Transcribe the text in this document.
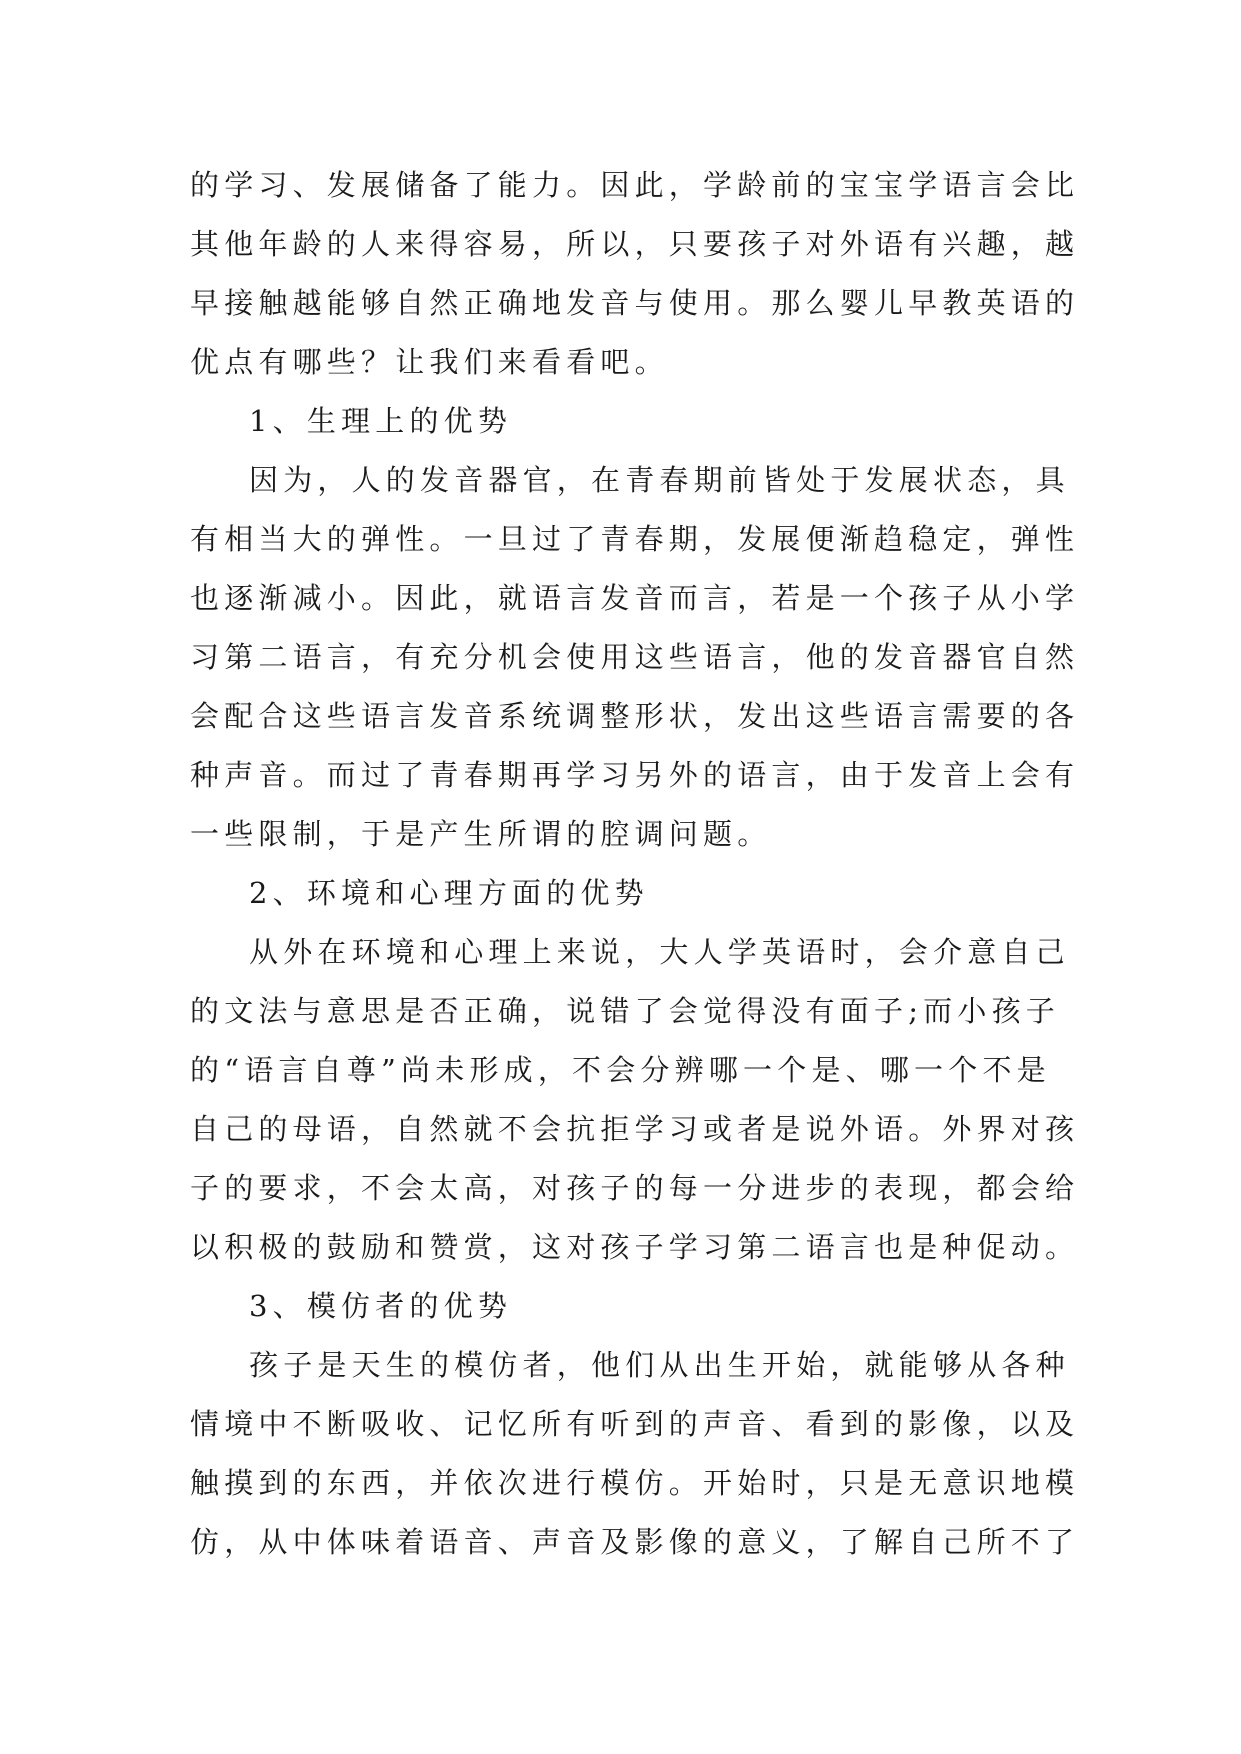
的学习、发展储备了能力。因此，学龄前的宝宝学语言会比

其他年龄的人来得容易，所以，只要孩子对外语有兴趣，越

早接触越能够自然正确地发音与使用。那么婴儿早教英语的

优点有哪些？让我们来看看吧。

1、生理上的优势

因为，人的发音器官，在青春期前皆处于发展状态，具

有相当大的弹性。一旦过了青春期，发展便渐趋稳定，弹性

也逐渐减小。因此，就语言发音而言，若是一个孩子从小学

习第二语言，有充分机会使用这些语言，他的发音器官自然

会配合这些语言发音系统调整形状，发出这些语言需要的各

种声音。而过了青春期再学习另外的语言，由于发音上会有

一些限制，于是产生所谓的腔调问题。

2、环境和心理方面的优势

从外在环境和心理上来说，大人学英语时，会介意自己

的文法与意思是否正确，说错了会觉得没有面子;而小孩子

的“语言自尊”尚未形成，不会分辨哪一个是、哪一个不是

自己的母语，自然就不会抗拒学习或者是说外语。外界对孩

子的要求，不会太高，对孩子的每一分进步的表现，都会给

以积极的鼓励和赞赏，这对孩子学习第二语言也是种促动。

3、模仿者的优势

孩子是天生的模仿者，他们从出生开始，就能够从各种

情境中不断吸收、记忆所有听到的声音、看到的影像，以及

触摸到的东西，并依次进行模仿。开始时，只是无意识地模

仿，从中体味着语音、声音及影像的意义，了解自己所不了
